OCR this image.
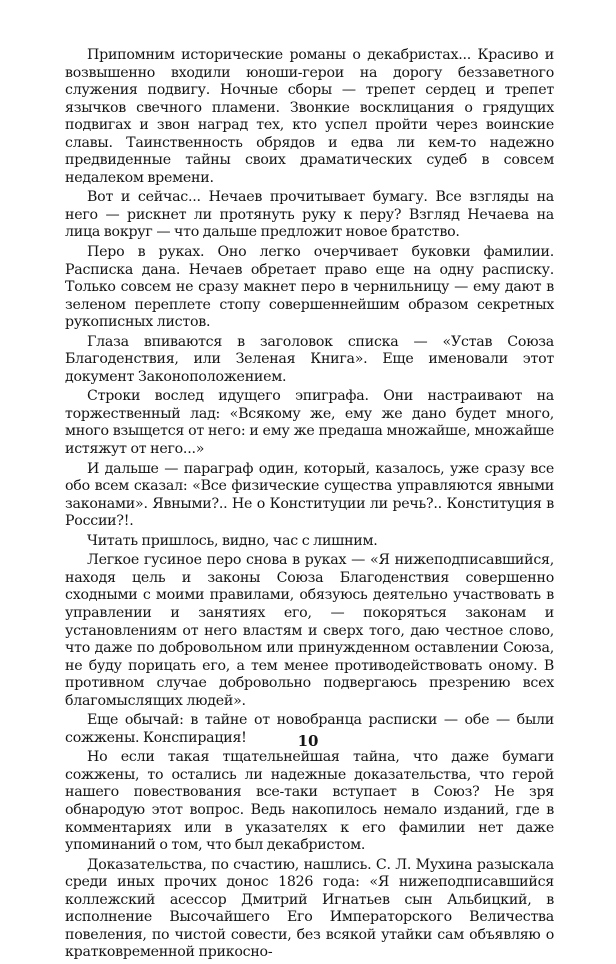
Припомним исторические романы о декабристах... Красиво и возвышенно входили юноши-герои на дорогу беззаветного служения подвигу. Ночные сборы — трепет сердец и трепет язычков свечного пламени. Звонкие восклицания о грядущих подвигах и звон наград тех, кто успел пройти через воинские славы. Таинственность обрядов и едва ли кем-то надежно предвиденные тайны своих драматических судеб в совсем недалеком времени.

Вот и сейчас... Нечаев прочитывает бумагу. Все взгляды на него — рискнет ли протянуть руку к перу? Взгляд Нечаева на лица вокруг — что дальше предложит новое братство.

Перо в руках. Оно легко очерчивает буковки фамилии. Расписка дана. Нечаев обретает право еще на одну расписку. Только совсем не сразу макнет перо в чернильницу — ему дают в зеленом переплете стопу совершеннейшим образом секретных рукописных листов.

Глаза впиваются в заголовок списка — «Устав Союза Благоденствия, или Зеленая Книга». Еще именовали этот документ Законоположением.

Строки вослед идущего эпиграфа. Они настраивают на торжественный лад: «Всякому же, ему же дано будет много, много взыщется от него: и ему же предаша множайше, множайше истяжут от него...»

И дальше — параграф один, который, казалось, уже сразу все обо всем сказал: «Все физические существа управляются явными законами». Явными?.. Не о Конституции ли речь?.. Конституция в России?!.

Читать пришлось, видно, час с лишним.

Легкое гусиное перо снова в руках — «Я нижеподписавшийся, находя цель и законы Союза Благоденствия совершенно сходными с моими правилами, обязуюсь деятельно участвовать в управлении и занятиях его, — покоряться законам и установлениям от него властям и сверх того, даю честное слово, что даже по добровольном или принужденном оставлении Союза, не буду порицать его, а тем менее противодействовать оному. В противном случае добровольно подвергаюсь презрению всех благомыслящих людей».

Еще обычай: в тайне от новобранца расписки — обе — были сожжены. Конспирация!

Но если такая тщательнейшая тайна, что даже бумаги сожжены, то остались ли надежные доказательства, что герой нашего повествования все-таки вступает в Союз? Не зря обнародую этот вопрос. Ведь накопилось немало изданий, где в комментариях или в указателях к его фамилии нет даже упоминаний о том, что был декабристом.

Доказательства, по счастию, нашлись. С. Л. Мухина разыскала среди иных прочих донос 1826 года: «Я нижеподписавшийся коллежский асессор Дмитрий Игнатьев сын Альбицкий, в исполнение Высочайшего Его Императорского Величества повеления, по чистой совести, без всякой утайки сам объявляю о кратковременной прикосно-

10
